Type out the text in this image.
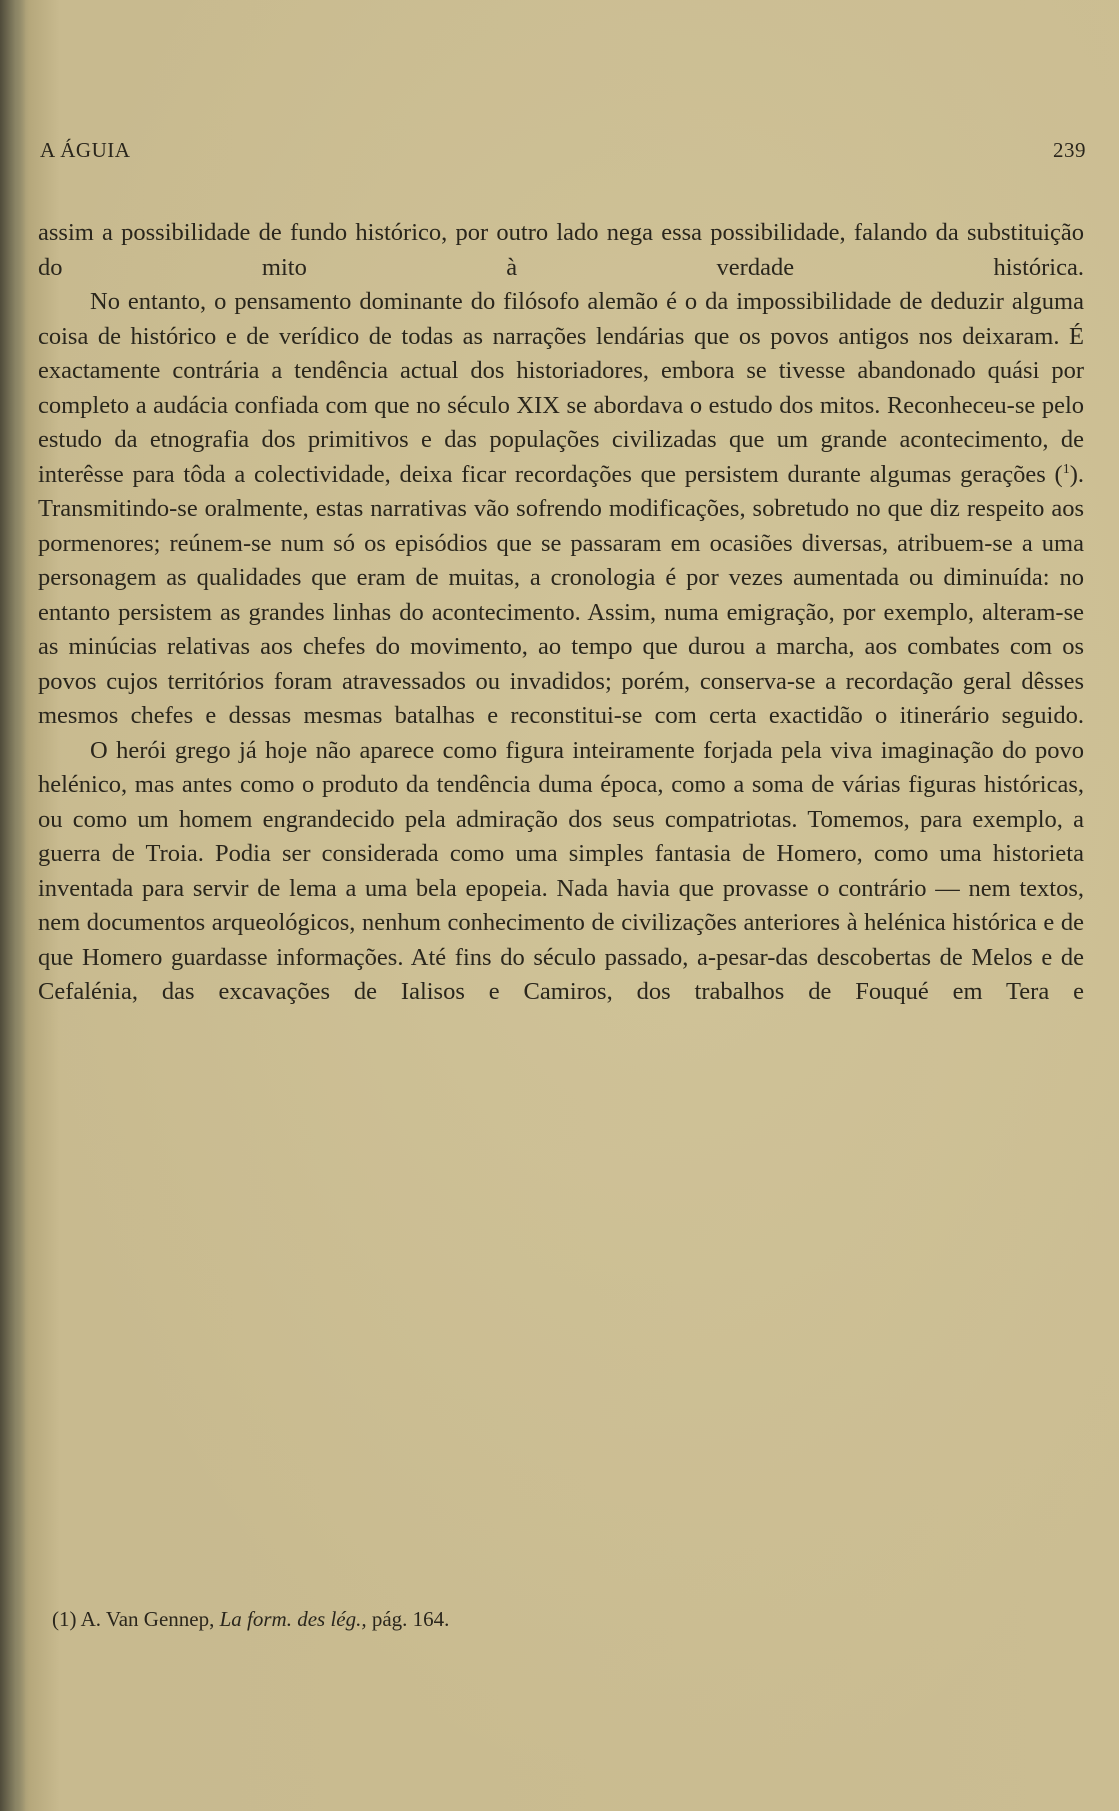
A ÁGUIA	239

assim a possibilidade de fundo histórico, por outro lado nega essa possibilidade, falando da substituição do mito à verdade histórica.

No entanto, o pensamento dominante do filósofo alemão é o da impossibilidade de deduzir alguma coisa de histórico e de verídico de todas as narrações lendárias que os povos antigos nos deixaram. É exactamente contrária a tendência actual dos historiadores, embora se tivesse abandonado quási por completo a audácia confiada com que no século XIX se abordava o estudo dos mitos. Reconheceu-se pelo estudo da etnografia dos primitivos e das populações civilizadas que um grande acontecimento, de interêsse para tôda a colectividade, deixa ficar recordações que persistem durante algumas gerações ($^1$). Transmitindo-se oralmente, estas narrativas vão sofrendo modificações, sobretudo no que diz respeito aos pormenores; reúnem-se num só os episódios que se passaram em ocasiões diversas, atribuem-se a uma personagem as qualidades que eram de muitas, a cronologia é por vezes aumentada ou diminuída: no entanto persistem as grandes linhas do acontecimento. Assim, numa emigração, por exemplo, alteram-se as minúcias relativas aos chefes do movimento, ao tempo que durou a marcha, aos combates com os povos cujos territórios foram atravessados ou invadidos; porém, conserva-se a recordação geral dêsses mesmos chefes e dessas mesmas batalhas e reconstitui-se com certa exactidão o itinerário seguido.

O herói grego já hoje não aparece como figura inteiramente forjada pela viva imaginação do povo helénico, mas antes como o produto da tendência duma época, como a soma de várias figuras históricas, ou como um homem engrandecido pela admiração dos seus compatriotas. Tomemos, para exemplo, a guerra de Troia. Podia ser considerada como uma simples fantasia de Homero, como uma historieta inventada para servir de lema a uma bela epopeia. Nada havia que provasse o contrário — nem textos, nem documentos arqueológicos, nenhum conhecimento de civilizações anteriores à helénica histórica e de que Homero guardasse informações. Até fins do século passado, a-pesar-das descobertas de Melos e de Cefalénia, das excavações de Ialisos e Camiros, dos trabalhos de Fouqué em Tera e

(1) A. Van Gennep, La form. des lég., pág. 164.
